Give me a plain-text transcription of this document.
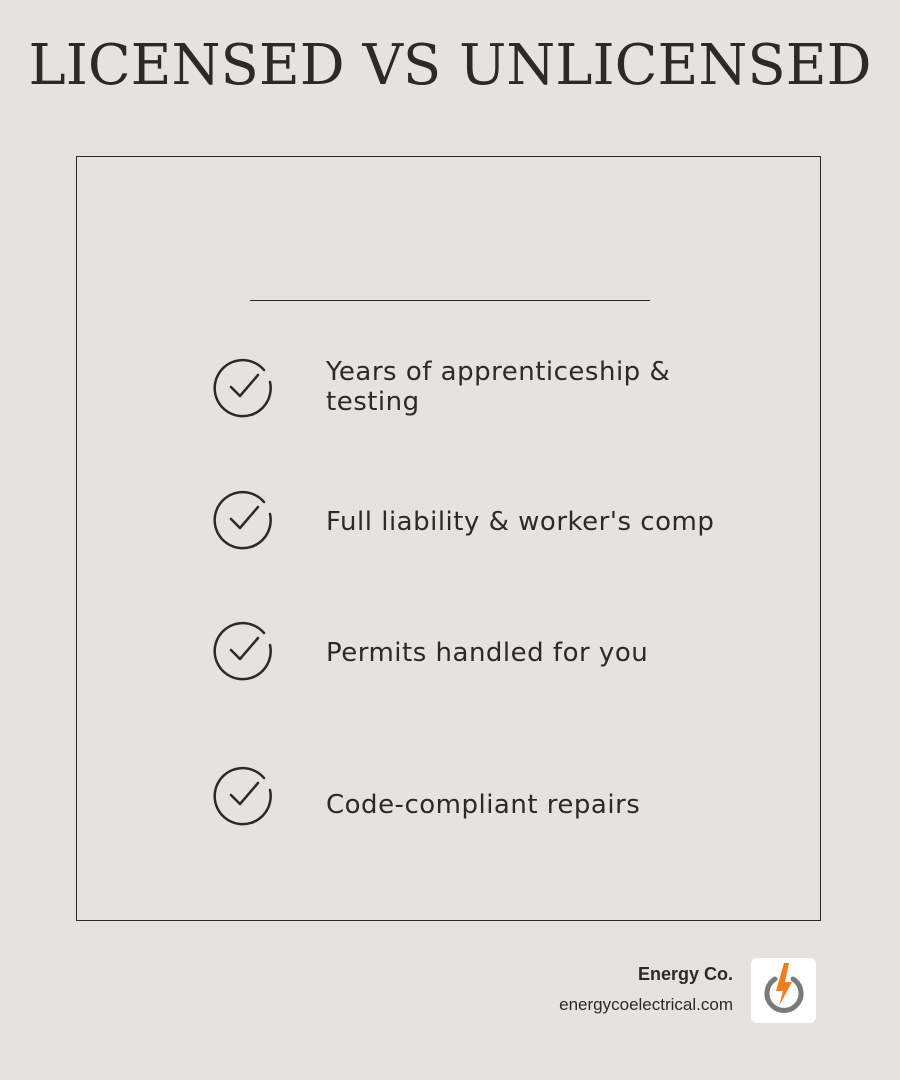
LICENSED VS UNLICENSED
Years of apprenticeship & testing
Full liability & worker's comp
Permits handled for you
Code-compliant repairs
Energy Co.
energycoelectrical.com
